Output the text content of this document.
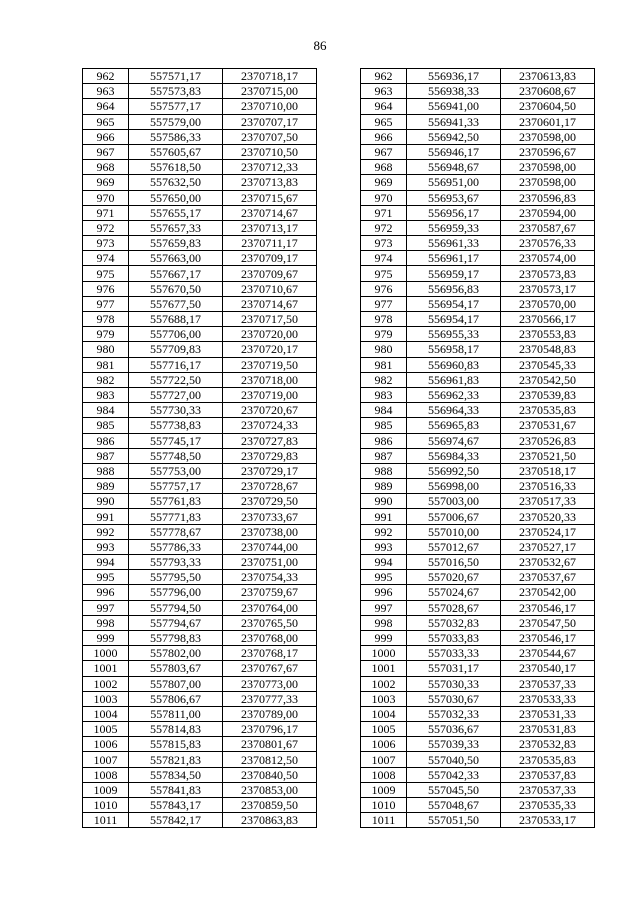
86
962	557571,17	2370718,17		962	556936,17	2370613,83
963	557573,83	2370715,00		963	556938,33	2370608,67
964	557577,17	2370710,00		964	556941,00	2370604,50
965	557579,00	2370707,17		965	556941,33	2370601,17
966	557586,33	2370707,50		966	556942,50	2370598,00
967	557605,67	2370710,50		967	556946,17	2370596,67
968	557618,50	2370712,33		968	556948,67	2370598,00
969	557632,50	2370713,83		969	556951,00	2370598,00
970	557650,00	2370715,67		970	556953,67	2370596,83
971	557655,17	2370714,67		971	556956,17	2370594,00
972	557657,33	2370713,17		972	556959,33	2370587,67
973	557659,83	2370711,17		973	556961,33	2370576,33
974	557663,00	2370709,17		974	556961,17	2370574,00
975	557667,17	2370709,67		975	556959,17	2370573,83
976	557670,50	2370710,67		976	556956,83	2370573,17
977	557677,50	2370714,67		977	556954,17	2370570,00
978	557688,17	2370717,50		978	556954,17	2370566,17
979	557706,00	2370720,00		979	556955,33	2370553,83
980	557709,83	2370720,17		980	556958,17	2370548,83
981	557716,17	2370719,50		981	556960,83	2370545,33
982	557722,50	2370718,00		982	556961,83	2370542,50
983	557727,00	2370719,00		983	556962,33	2370539,83
984	557730,33	2370720,67		984	556964,33	2370535,83
985	557738,83	2370724,33		985	556965,83	2370531,67
986	557745,17	2370727,83		986	556974,67	2370526,83
987	557748,50	2370729,83		987	556984,33	2370521,50
988	557753,00	2370729,17		988	556992,50	2370518,17
989	557757,17	2370728,67		989	556998,00	2370516,33
990	557761,83	2370729,50		990	557003,00	2370517,33
991	557771,83	2370733,67		991	557006,67	2370520,33
992	557778,67	2370738,00		992	557010,00	2370524,17
993	557786,33	2370744,00		993	557012,67	2370527,17
994	557793,33	2370751,00		994	557016,50	2370532,67
995	557795,50	2370754,33		995	557020,67	2370537,67
996	557796,00	2370759,67		996	557024,67	2370542,00
997	557794,50	2370764,00		997	557028,67	2370546,17
998	557794,67	2370765,50		998	557032,83	2370547,50
999	557798,83	2370768,00		999	557033,83	2370546,17
1000	557802,00	2370768,17		1000	557033,33	2370544,67
1001	557803,67	2370767,67		1001	557031,17	2370540,17
1002	557807,00	2370773,00		1002	557030,33	2370537,33
1003	557806,67	2370777,33		1003	557030,67	2370533,33
1004	557811,00	2370789,00		1004	557032,33	2370531,33
1005	557814,83	2370796,17		1005	557036,67	2370531,83
1006	557815,83	2370801,67		1006	557039,33	2370532,83
1007	557821,83	2370812,50		1007	557040,50	2370535,83
1008	557834,50	2370840,50		1008	557042,33	2370537,83
1009	557841,83	2370853,00		1009	557045,50	2370537,33
1010	557843,17	2370859,50		1010	557048,67	2370535,33
1011	557842,17	2370863,83		1011	557051,50	2370533,17
